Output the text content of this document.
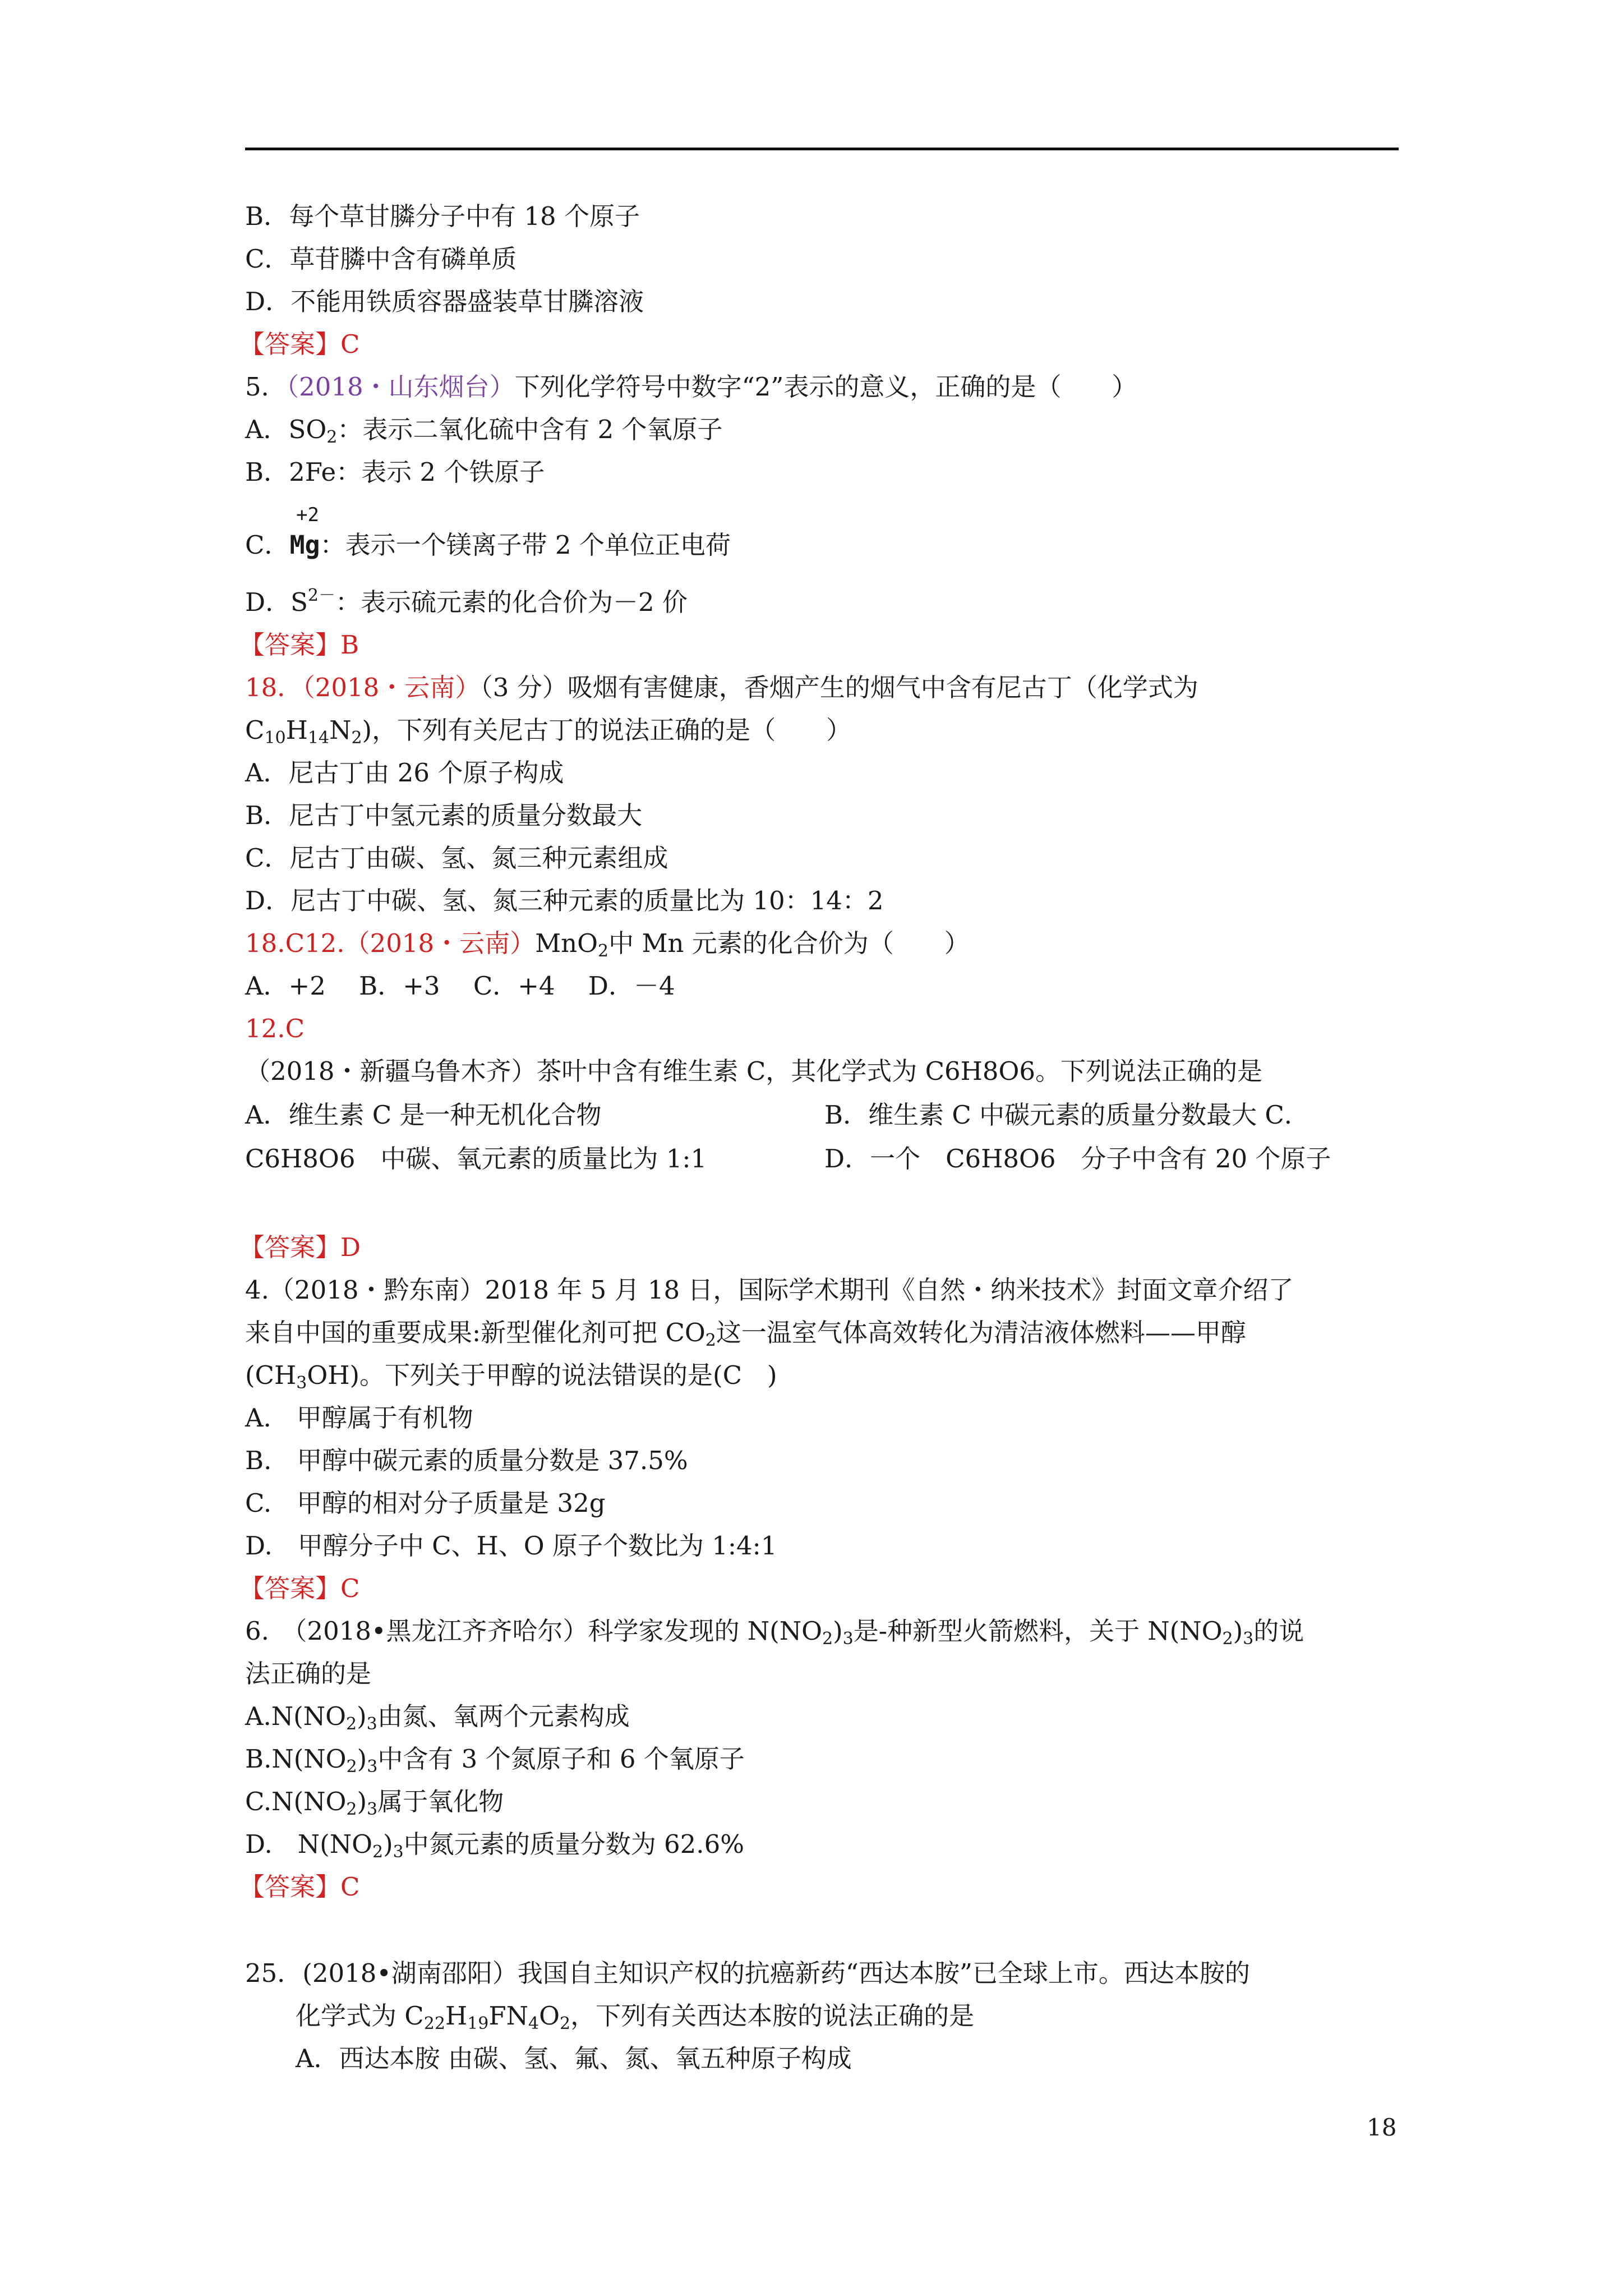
B．每个草甘膦分子中有 18 个原子
C．草苷膦中含有磷单质
D．不能用铁质容器盛装草甘膦溶液
【答案】C
5．（2018・山东烟台）下列化学符号中数字“2”表示的意义，正确的是（　　）
A．$SO_2$：表示二氧化硫中含有 2 个氧原子
B．2Fe：表示 2 个铁原子
+2
C．Mg：表示一个镁离子带 2 个单位正电荷
D．$S^{2-}$：表示硫元素的化合价为－2 价
【答案】B
18．（2018・云南）（3 分）吸烟有害健康，香烟产生的烟气中含有尼古丁（化学式为
$C_{10}H_{14}N_2$)，下列有关尼古丁的说法正确的是（　　）
A．尼古丁由 26 个原子构成
B．尼古丁中氢元素的质量分数最大
C．尼古丁由碳、氢、氮三种元素组成
D．尼古丁中碳、氢、氮三种元素的质量比为 10：14：2
18.C12.（2018・云南）MnO$_2$中 Mn 元素的化合价为（　　）
A．+2　 B．+3　 C．+4　 D．－4
12.C
（2018・新疆乌鲁木齐）茶叶中含有维生素 C，其化学式为 C6H8O6。下列说法正确的是
A．维生素 C 是一种无机化合物	B．维生素 C 中碳元素的质量分数最大 C．
C6H8O6　中碳、氧元素的质量比为 1:1	D．一个　C6H8O6　分子中含有 20 个原子
【答案】D
4.（2018・黔东南）2018 年 5 月 18 日，国际学术期刊《自然・纳米技术》封面文章介绍了
来自中国的重要成果:新型催化剂可把 $CO_2$这一温室气体高效转化为清洁液体燃料——甲醇
$(CH_3OH)$。下列关于甲醇的说法错误的是(C　)
A.　甲醇属于有机物
B.　甲醇中碳元素的质量分数是 37.5%
C.　甲醇的相对分子质量是 32g
D.　甲醇分子中 C、H、O 原子个数比为 1:4:1
【答案】C
6.　（2018•黑龙江齐齐哈尔）科学家发现的 $N(NO_2)_3$是-种新型火箭燃料，关于 $N(NO_2)_3$的说
法正确的是
$A.N(NO_2)_3$由氮、氧两个元素构成
$B.N(NO_2)_3$中含有 3 个氮原子和 6 个氧原子
$C.N(NO_2)_3$属于氧化物
D.　$N(NO_2)_3$中氮元素的质量分数为 62.6%
【答案】C
25．(2018•湖南邵阳）我国自主知识产权的抗癌新药“西达本胺”已全球上市。西达本胺的
化学式为 $C_{22}H_{19}FN_4O_2$，下列有关西达本胺的说法正确的是
A．西达本胺 由碳、氢、氟、氮、氧五种原子构成
18
